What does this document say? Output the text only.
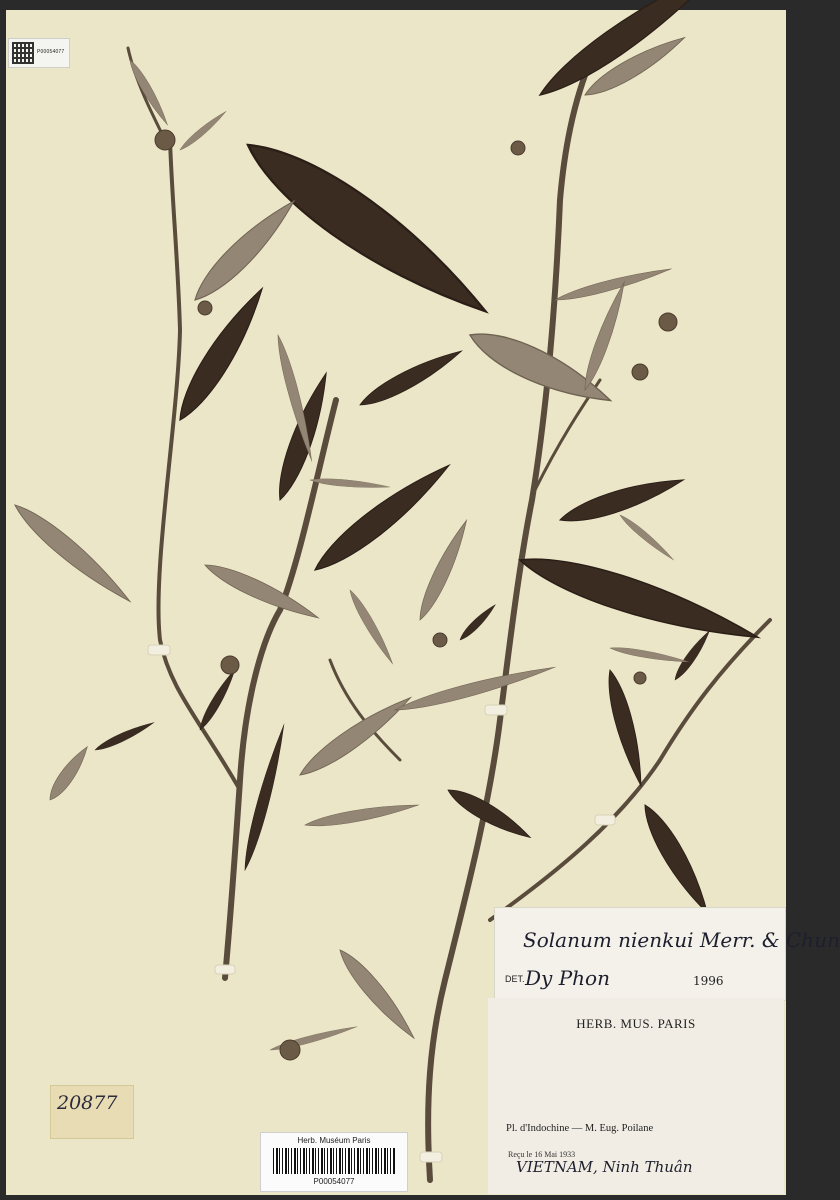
P00054077
Solanum nienkui Merr. & Chun
DET. Dy Phon	1996
HERB. MUS. PARIS
Pl. d'Indochine — M. Eug. Poilane
Reçu le 16 Mai 1933
VIETNAM, Ninh Thuân
20877
Herb. Muséum Paris
P00054077
